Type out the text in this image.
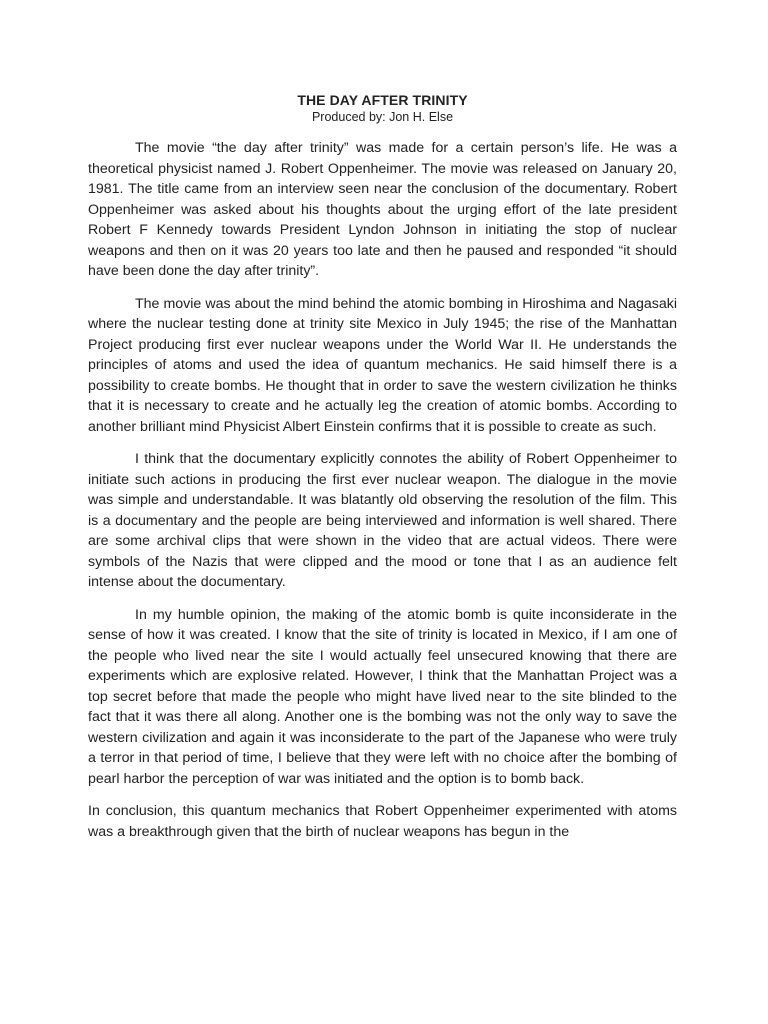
THE DAY AFTER TRINITY

Produced by: Jon H. Else

The movie “the day after trinity” was made for a certain person’s life. He was a theoretical physicist named J. Robert Oppenheimer. The movie was released on January 20, 1981. The title came from an interview seen near the conclusion of the documentary. Robert Oppenheimer was asked about his thoughts about the urging effort of the late president Robert F Kennedy towards President Lyndon Johnson in initiating the stop of nuclear weapons and then on it was 20 years too late and then he paused and responded “it should have been done the day after trinity”.

The movie was about the mind behind the atomic bombing in Hiroshima and Nagasaki where the nuclear testing done at trinity site Mexico in July 1945; the rise of the Manhattan Project producing first ever nuclear weapons under the World War II. He understands the principles of atoms and used the idea of quantum mechanics. He said himself there is a possibility to create bombs. He thought that in order to save the western civilization he thinks that it is necessary to create and he actually leg the creation of atomic bombs. According to another brilliant mind Physicist Albert Einstein confirms that it is possible to create as such.

I think that the documentary explicitly connotes the ability of Robert Oppenheimer to initiate such actions in producing the first ever nuclear weapon. The dialogue in the movie was simple and understandable. It was blatantly old observing the resolution of the film. This is a documentary and the people are being interviewed and information is well shared. There are some archival clips that were shown in the video that are actual videos. There were symbols of the Nazis that were clipped and the mood or tone that I as an audience felt intense about the documentary.

In my humble opinion, the making of the atomic bomb is quite inconsiderate in the sense of how it was created. I know that the site of trinity is located in Mexico, if I am one of the people who lived near the site I would actually feel unsecured knowing that there are experiments which are explosive related. However, I think that the Manhattan Project was a top secret before that made the people who might have lived near to the site blinded to the fact that it was there all along. Another one is the bombing was not the only way to save the western civilization and again it was inconsiderate to the part of the Japanese who were truly a terror in that period of time, I believe that they were left with no choice after the bombing of pearl harbor the perception of war was initiated and the option is to bomb back.

In conclusion, this quantum mechanics that Robert Oppenheimer experimented with atoms was a breakthrough given that the birth of nuclear weapons has begun in the
